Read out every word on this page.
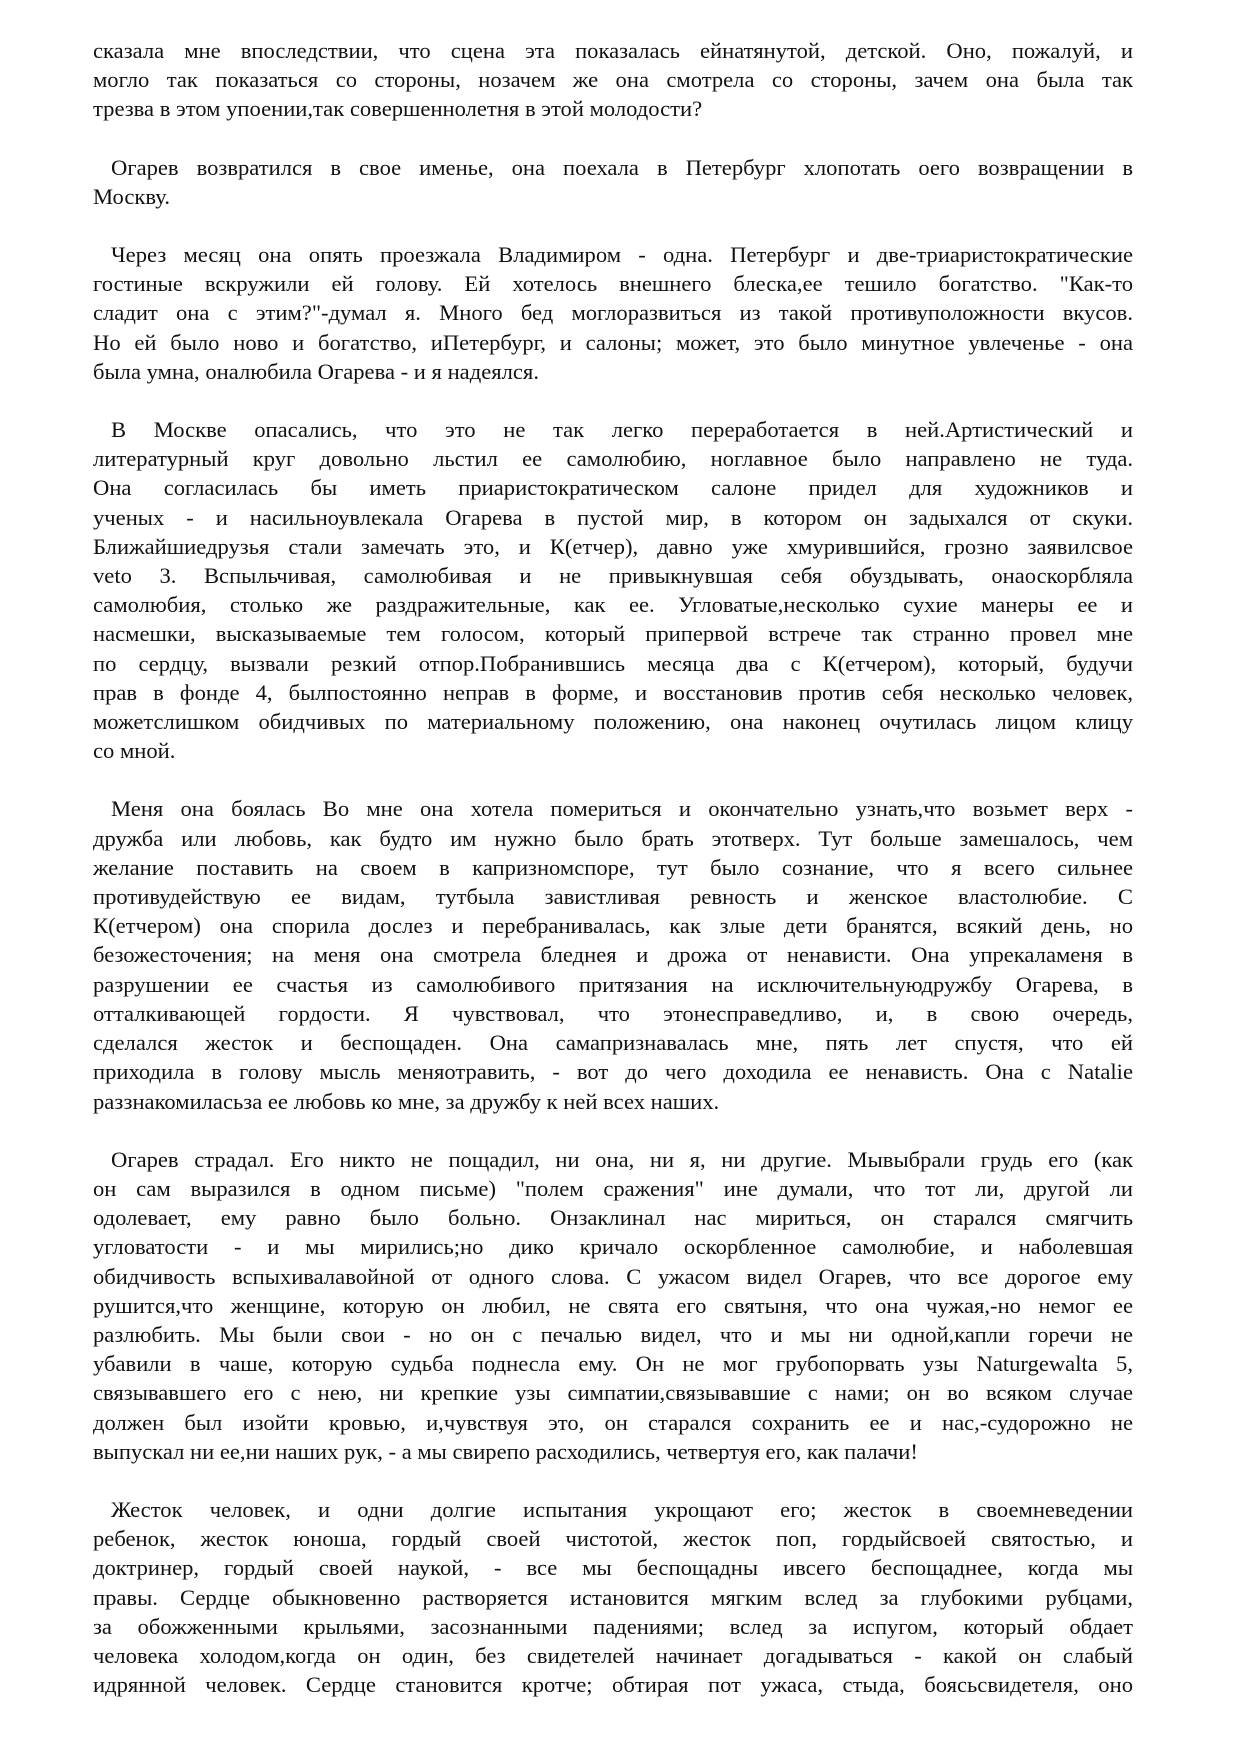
сказала мне впоследствии, что сцена эта показалась ейнатянутой, детской. Оно, пожалуй, и
могло так показаться со стороны, нозачем же она смотрела со стороны, зачем она была так
трезва в этом упоении,так совершеннолетня в этой молодости?
Огарев возвратился в свое именье, она поехала в Петербург хлопотать оего возвращении в
Москву.
Через месяц она опять проезжала Владимиром - одна. Петербург и две-триаристократические
гостиные вскружили ей голову. Ей хотелось внешнего блеска,ее тешило богатство. "Как-то
сладит она с этим?"-думал я. Много бед моглоразвиться из такой противуположности вкусов.
Но ей было ново и богатство, иПетербург, и салоны; может, это было минутное увлеченье - она
была умна, оналюбила Огарева - и я надеялся.
В Москве опасались, что это не так легко переработается в ней.Артистический и
литературный круг довольно льстил ее самолюбию, ноглавное было направлено не туда.
Она согласилась бы иметь приаристократическом салоне придел для художников и
ученых - и насильноувлекала Огарева в пустой мир, в котором он задыхался от скуки.
Ближайшиедрузья стали замечать это, и К(етчер), давно уже хмурившийся, грозно заявилсвое
veto 3. Вспыльчивая, самолюбивая и не привыкнувшая себя обуздывать, онаоскорбляла
самолюбия, столько же раздражительные, как ее. Угловатые,несколько сухие манеры ее и
насмешки, высказываемые тем голосом, который припервой встрече так странно провел мне
по сердцу, вызвали резкий отпор.Побранившись месяца два с К(етчером), который, будучи
прав в фонде 4, былпостоянно неправ в форме, и восстановив против себя несколько человек,
можетслишком обидчивых по материальному положению, она наконец очутилась лицом клицу
со мной.
Меня она боялась Во мне она хотела помериться и окончательно узнать,что возьмет верх -
дружба или любовь, как будто им нужно было брать этотверх. Тут больше замешалось, чем
желание поставить на своем в капризномспоре, тут было сознание, что я всего сильнее
противудействую ее видам, тутбыла завистливая ревность и женское властолюбие. С
К(етчером) она спорила дослез и перебранивалась, как злые дети бранятся, всякий день, но
безожесточения; на меня она смотрела бледнея и дрожа от ненависти. Она упрекаламеня в
разрушении ее счастья из самолюбивого притязания на исключительнуюдружбу Огарева, в
отталкивающей гордости. Я чувствовал, что этонесправедливо, и, в свою очередь,
сделался жесток и беспощаден. Она самапризнавалась мне, пять лет спустя, что ей
приходила в голову мысль меняотравить, - вот до чего доходила ее ненависть. Она с Natalie
раззнакомиласьза ее любовь ко мне, за дружбу к ней всех наших.
Огарев страдал. Его никто не пощадил, ни она, ни я, ни другие. Мывыбрали грудь его (как
он сам выразился в одном письме) "полем сражения" инe думали, что тот ли, другой ли
одолевает, ему равно было больно. Онзаклинал нас мириться, он старался смягчить
угловатости - и мы мирились;но дико кричало оскорбленное самолюбие, и наболевшая
обидчивость вспыхивалавойной от одного слова. С ужасом видел Огарев, что все дорогое ему
рушится,что женщине, которую он любил, не свята его святыня, что она чужая,-но немог ее
разлюбить. Мы были свои - но он с печалью видел, что и мы ни одной,капли горечи не
убавили в чаше, которую судьба поднесла ему. Он не мог грубопорвать узы Naturgewalta 5,
связывавшего его с нею, ни крепкие узы симпатии,связывавшие с нами; он во всяком случае
должен был изойти кровью, и,чувствуя это, он старался сохранить ее и нас,-судорожно не
выпускал ни ее,ни наших рук, - а мы свирепо расходились, четвертуя его, как палачи!
Жесток человек, и одни долгие испытания укрощают его; жесток в своемневедении
ребенок, жесток юноша, гордый своей чистотой, жесток поп, гордыйсвоей святостью, и
доктринер, гордый своей наукой, - все мы беспощадны ивсего беспощаднее, когда мы
правы. Сердце обыкновенно растворяется истановится мягким вслед за глубокими рубцами,
за обожженными крыльями, засознанными падениями; вслед за испугом, который обдает
человека холодом,когда он один, без свидетелей начинает догадываться - какой он слабый
идрянной человек. Сердце становится кротче; обтирая пот ужаса, стыда, боясьсвидетеля, оно
